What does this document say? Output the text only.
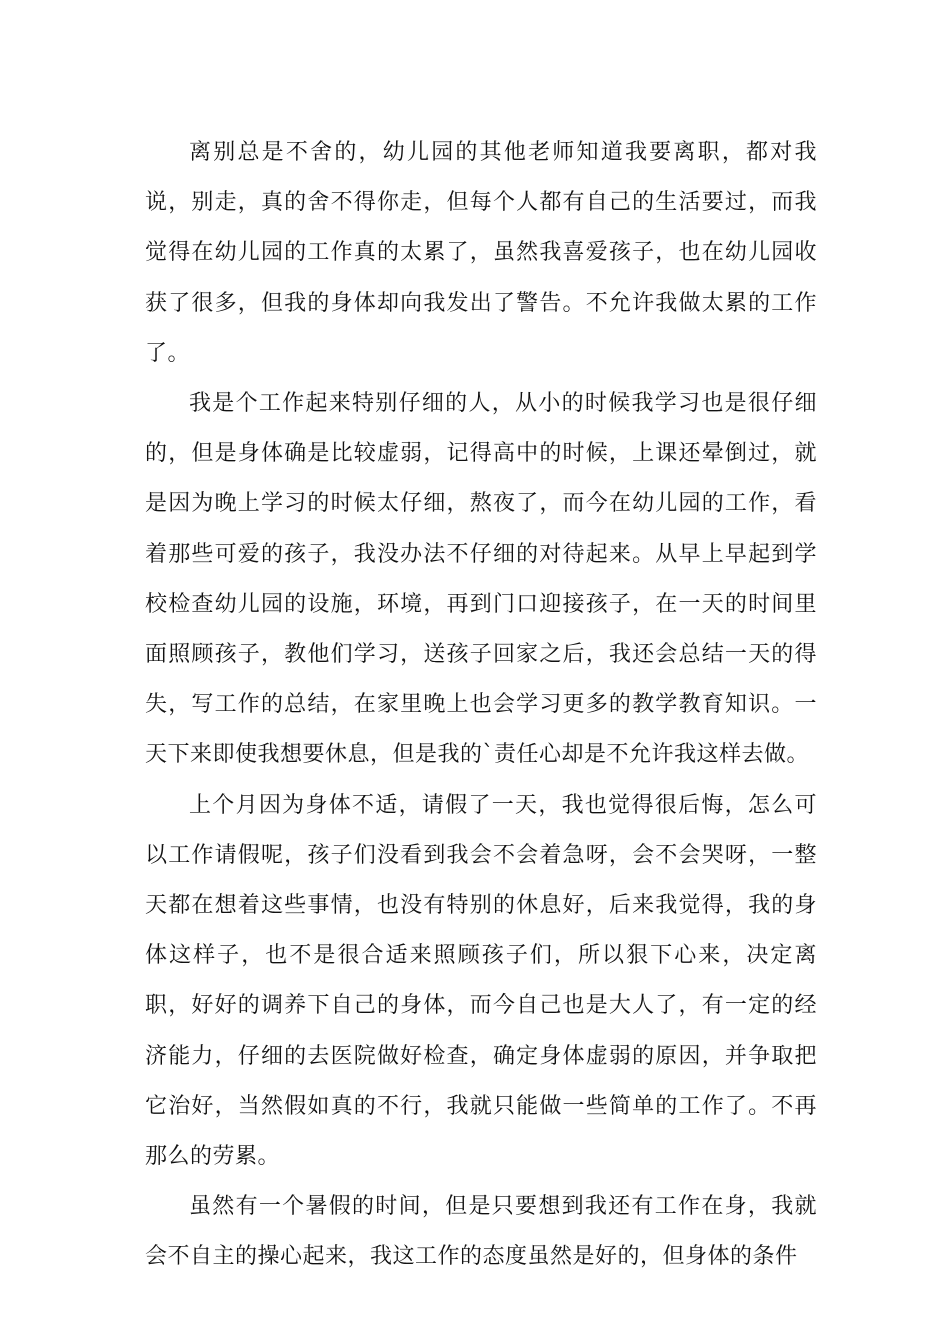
离别总是不舍的，幼儿园的其他老师知道我要离职，都对我说，别走，真的舍不得你走，但每个人都有自己的生活要过，而我觉得在幼儿园的工作真的太累了，虽然我喜爱孩子，也在幼儿园收获了很多，但我的身体却向我发出了警告。不允许我做太累的工作了。

我是个工作起来特别仔细的人，从小的时候我学习也是很仔细的，但是身体确是比较虚弱，记得高中的时候，上课还晕倒过，就是因为晚上学习的时候太仔细，熬夜了，而今在幼儿园的工作，看着那些可爱的孩子，我没办法不仔细的对待起来。从早上早起到学校检查幼儿园的设施，环境，再到门口迎接孩子，在一天的时间里面照顾孩子，教他们学习，送孩子回家之后，我还会总结一天的得失，写工作的总结，在家里晚上也会学习更多的教学教育知识。一天下来即使我想要休息，但是我的`责任心却是不允许我这样去做。

上个月因为身体不适，请假了一天，我也觉得很后悔，怎么可以工作请假呢，孩子们没看到我会不会着急呀，会不会哭呀，一整天都在想着这些事情，也没有特别的休息好，后来我觉得，我的身体这样子，也不是很合适来照顾孩子们，所以狠下心来，决定离职，好好的调养下自己的身体，而今自己也是大人了，有一定的经济能力，仔细的去医院做好检查，确定身体虚弱的原因，并争取把它治好，当然假如真的不行，我就只能做一些简单的工作了。不再那么的劳累。

虽然有一个暑假的时间，但是只要想到我还有工作在身，我就会不自主的操心起来，我这工作的态度虽然是好的，但身体的条件
